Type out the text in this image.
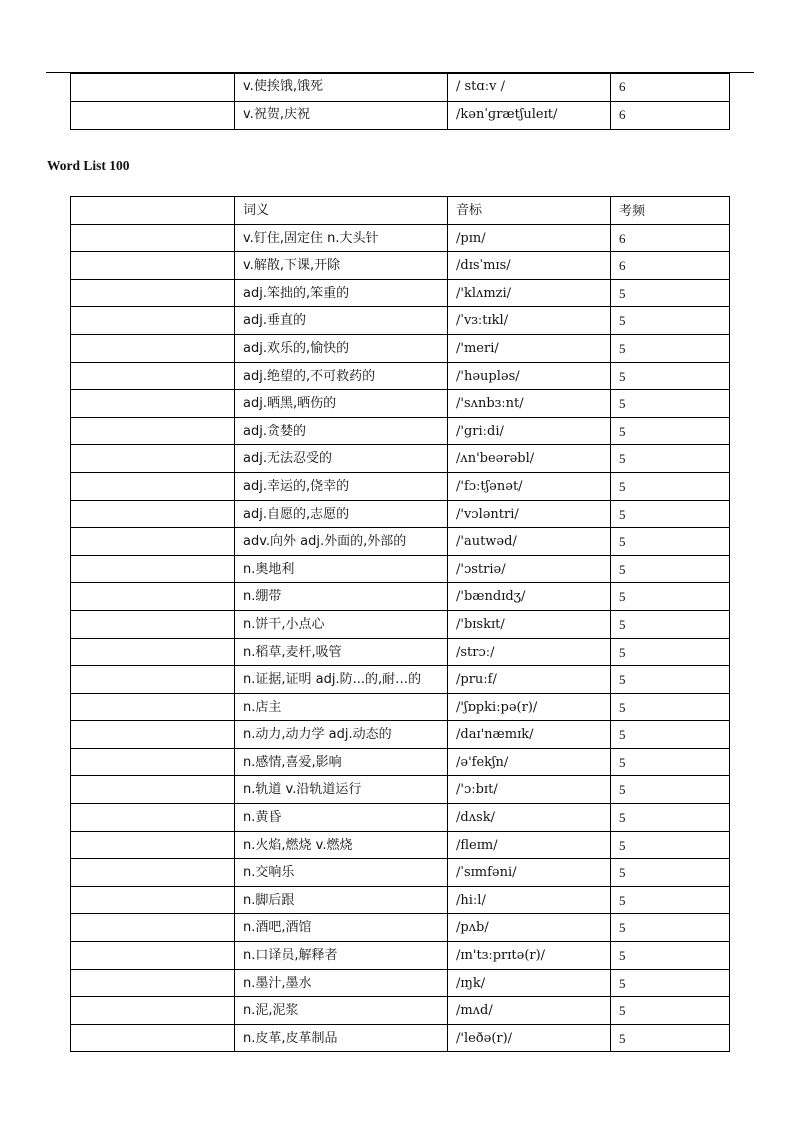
	v.使挨饿,饿死	/ stɑːv /	6
	v.祝贺,庆祝	/kənˈɡrætʃuleɪt/	6
Word List 100
	词义	音标	考频
	v.钉住,固定住 n.大头针	/pɪn/	6
	v.解散,下课,开除	/dɪsˈmɪs/	6
	adj.笨拙的,笨重的	/'klʌmzi/	5
	adj.垂直的	/ˈvɜːtɪkl/	5
	adj.欢乐的,愉快的	/'meri/	5
	adj.绝望的,不可救药的	/'həupləs/	5
	adj.晒黑,晒伤的	/'sʌnbɜːnt/	5
	adj.贪婪的	/'griːdi/	5
	adj.无法忍受的	/ʌn'beərəbl/	5
	adj.幸运的,侥幸的	/'fɔːtʃənət/	5
	adj.自愿的,志愿的	/'vɔləntri/	5
	adv.向外 adj.外面的,外部的	/'autwəd/	5
	n.奥地利	/'ɔstriə/	5
	n.绷带	/'bændɪdʒ/	5
	n.饼干,小点心	/'bɪskɪt/	5
	n.稻草,麦杆,吸管	/strɔː/	5
	n.证据,证明 adj.防...的,耐…的	/pruːf/	5
	n.店主	/'ʃɒpkiːpə(r)/	5
	n.动力,动力学 adj.动态的	/daɪ'næmɪk/	5
	n.感情,喜爱,影响	/ə'fekʃn/	5
	n.轨道 v.沿轨道运行	/'ɔːbɪt/	5
	n.黄昏	/dʌsk/	5
	n.火焰,燃烧 v.燃烧	/fleɪm/	5
	n.交响乐	/ˈsɪmfəni/	5
	n.脚后跟	/hiːl/	5
	n.酒吧,酒馆	/pʌb/	5
	n.口译员,解释者	/ɪn'tɜːprɪtə(r)/	5
	n.墨汁,墨水	/ɪŋk/	5
	n.泥,泥浆	/mʌd/	5
	n.皮革,皮革制品	/'leðə(r)/	5
